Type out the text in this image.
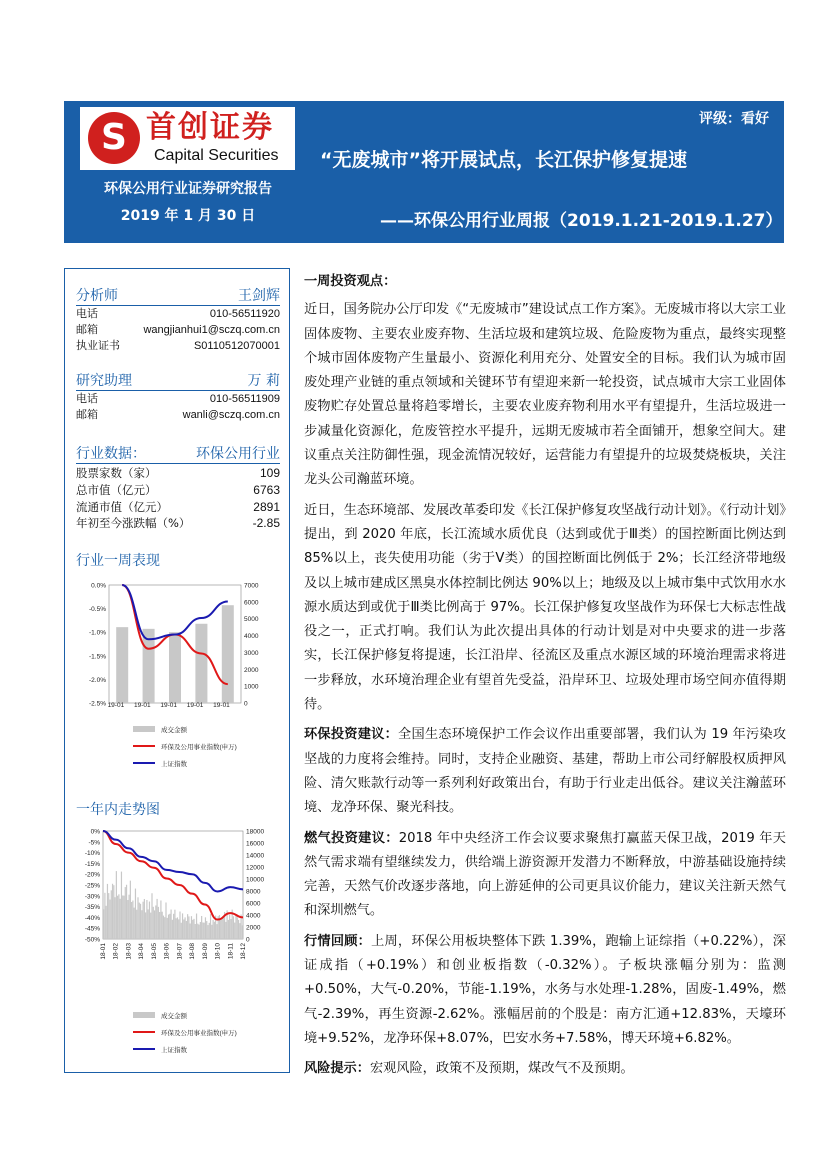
S 首创证券
Capital Securities
环保公用行业证券研究报告
2019 年 1 月 30 日
评级：看好
“无废城市”将开展试点，长江保护修复提速
——环保公用行业周报（2019.1.21-2019.1.27）
分析师	王剑辉
电话	010-56511920
邮箱	wangjianhui1@sczq.com.cn
执业证书	S0110512070001
研究助理	万 莉
电话	010-56511909
邮箱	wanli@sczq.com.cn
行业数据：	环保公用行业
股票家数（家）	109
总市值（亿元）	6763
流通市值（亿元）	2891
年初至今涨跌幅（%）	-2.85
行业一周表现
0.0%
-0.5%
-1.0%
-1.5%
-2.0%
-2.5%
7000
6000
5000
4000
3000
2000
1000
0
19-01 19-01 19-01 19-01 19-01
成交金额
环保及公用事业指数(申万)
上证指数
一年内走势图
0%
-5%
-10%
-15%
-20%
-25%
-30%
-35%
-40%
-45%
-50%
18000
16000
14000
12000
10000
8000
6000
4000
2000
0
18-01 18-02 18-03 18-04 18-05 18-06 18-07 18-08 18-09 18-10 18-11 18-12
成交金额
环保及公用事业指数(申万)
上证指数

一周投资观点：

近日，国务院办公厅印发《“无废城市”建设试点工作方案》。无废城市将以大宗工业固体废物、主要农业废弃物、生活垃圾和建筑垃圾、危险废物为重点，最终实现整个城市固体废物产生量最小、资源化利用充分、处置安全的目标。我们认为城市固废处理产业链的重点领域和关键环节有望迎来新一轮投资，试点城市大宗工业固体废物贮存处置总量将趋零增长，主要农业废弃物利用水平有望提升，生活垃圾进一步减量化资源化，危废管控水平提升，远期无废城市若全面铺开，想象空间大。建议重点关注防御性强，现金流情况较好，运营能力有望提升的垃圾焚烧板块，关注龙头公司瀚蓝环境。

近日，生态环境部、发展改革委印发《长江保护修复攻坚战行动计划》。《行动计划》提出，到 2020 年底，长江流域水质优良（达到或优于Ⅲ类）的国控断面比例达到 85%以上，丧失使用功能（劣于Ⅴ类）的国控断面比例低于 2%；长江经济带地级及以上城市建成区黑臭水体控制比例达 90%以上；地级及以上城市集中式饮用水水源水质达到或优于Ⅲ类比例高于 97%。长江保护修复攻坚战作为环保七大标志性战役之一，正式打响。我们认为此次提出具体的行动计划是对中央要求的进一步落实，长江保护修复将提速，长江沿岸、径流区及重点水源区域的环境治理需求将进一步释放，水环境治理企业有望首先受益，沿岸环卫、垃圾处理市场空间亦值得期待。

环保投资建议：全国生态环境保护工作会议作出重要部署，我们认为 19 年污染攻坚战的力度将会维持。同时，支持企业融资、基建，帮助上市公司纾解股权质押风险、清欠账款行动等一系列利好政策出台，有助于行业走出低谷。建议关注瀚蓝环境、龙净环保、聚光科技。

燃气投资建议：2018 年中央经济工作会议要求聚焦打赢蓝天保卫战，2019 年天然气需求端有望继续发力，供给端上游资源开发潜力不断释放，中游基础设施持续完善，天然气价改逐步落地，向上游延伸的公司更具议价能力，建议关注新天然气和深圳燃气。

行情回顾：上周，环保公用板块整体下跌 1.39%，跑输上证综指（+0.22%），深证成指（+0.19%）和创业板指数（-0.32%）。子板块涨幅分别为：监测+0.50%，大气-0.20%，节能-1.19%，水务与水处理-1.28%，固废-1.49%，燃气-2.39%，再生资源-2.62%。涨幅居前的个股是：南方汇通+12.83%，天壕环境+9.52%，龙净环保+8.07%，巴安水务+7.58%，博天环境+6.82%。

风险提示：宏观风险，政策不及预期，煤改气不及预期。
